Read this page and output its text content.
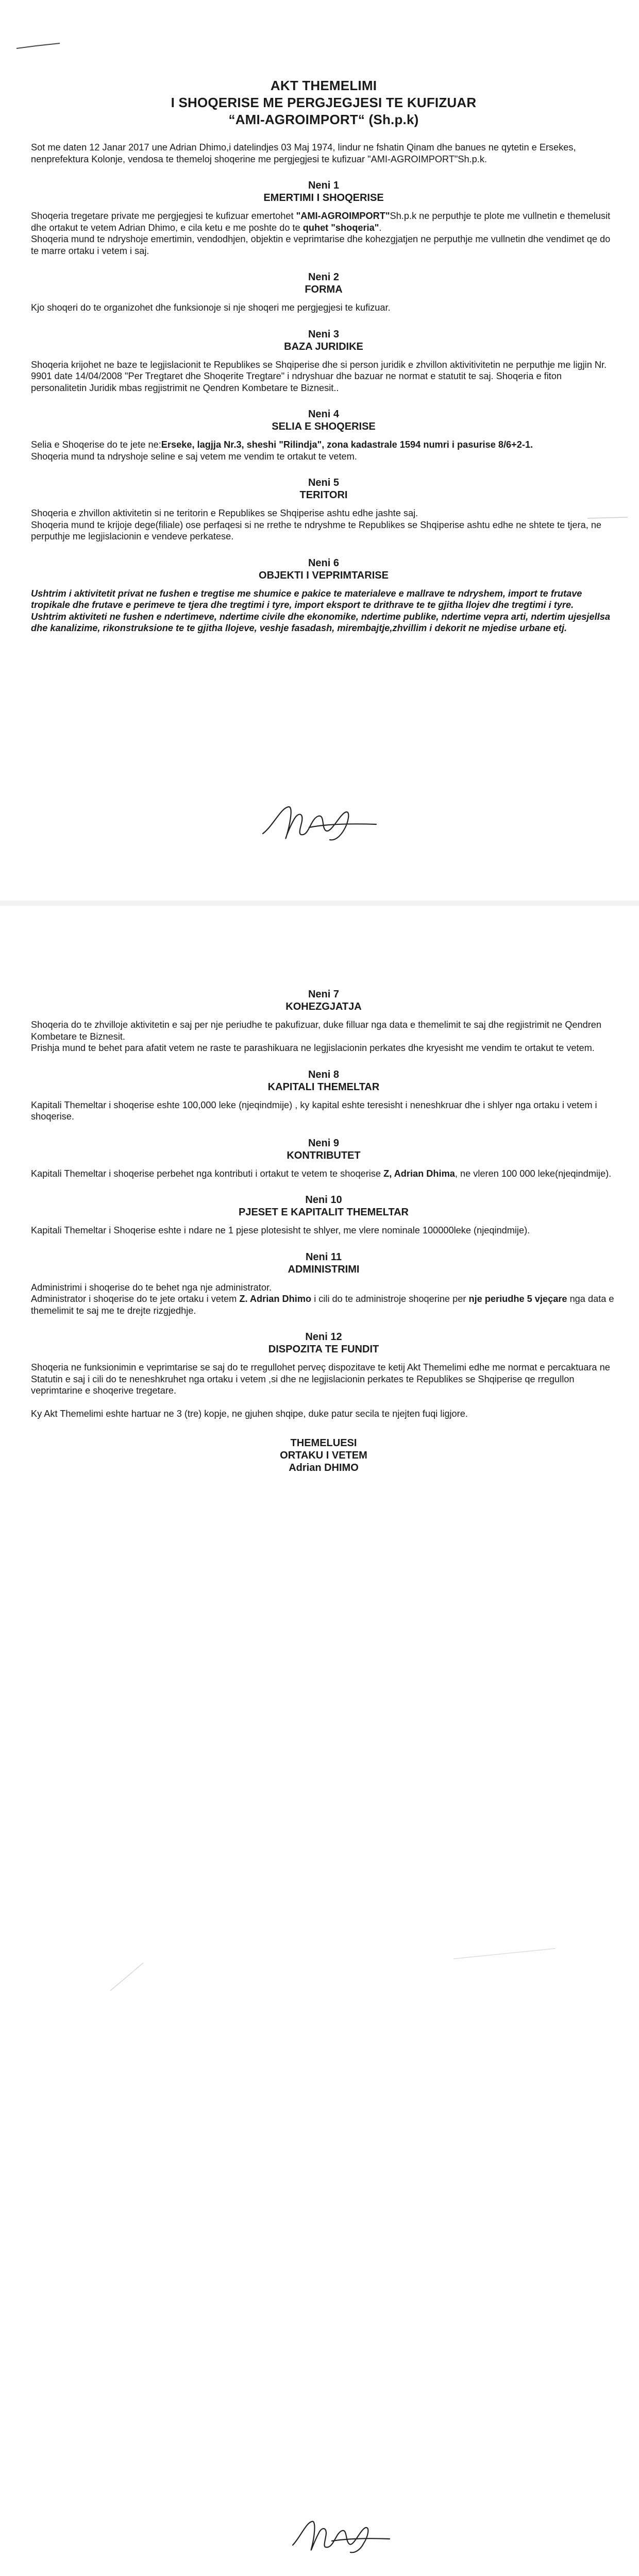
AKT THEMELIMI
I SHOQERISE ME PERGJEGJESI TE KUFIZUAR
“AMI-AGROIMPORT“ (Sh.p.k)

Sot me daten 12 Janar 2017 une Adrian Dhimo,i datelindjes 03 Maj 1974, lindur ne fshatin Qinam dhe banues ne qytetin e Ersekes, nenprefektura Kolonje, vendosa te themeloj shoqerine me pergjegjesi te kufizuar "AMI-AGROIMPORT"Sh.p.k.

Neni 1
EMERTIMI I SHOQERISE

Shoqeria tregetare private me pergjegjesi te kufizuar emertohet "AMI-AGROIMPORT"Sh.p.k ne perputhje te plote me vullnetin e themelusit dhe ortakut te vetem Adrian Dhimo, e cila ketu e me poshte do te quhet "shoqeria".

Shoqeria mund te ndryshoje emertimin, vendodhjen, objektin e veprimtarise dhe kohezgjatjen ne perputhje me vullnetin dhe vendimet qe do te marre ortaku i vetem i saj.

Neni 2
FORMA

Kjo shoqeri do te organizohet dhe funksionoje si nje shoqeri me pergjegjesi te kufizuar.

Neni 3
BAZA JURIDIKE

Shoqeria krijohet ne baze te legjislacionit te Republikes se Shqiperise dhe si person juridik e zhvillon aktivitivitetin ne perputhje me ligjin Nr. 9901 date 14/04/2008 "Per Tregtaret dhe Shoqerite Tregtare" i ndryshuar dhe bazuar ne normat e statutit te saj. Shoqeria e fiton personalitetin Juridik mbas regjistrimit ne Qendren Kombetare te Biznesit..

Neni 4
SELIA E SHOQERISE

Selia e Shoqerise do te jete ne:Erseke, lagjja Nr.3, sheshi "Rilindja", zona kadastrale 1594 numri i pasurise 8/6+2-1.

Shoqeria mund ta ndryshoje seline e saj vetem me vendim te ortakut te vetem.

Neni 5
TERITORI

Shoqeria e zhvillon aktivitetin si ne teritorin e Republikes se Shqiperise ashtu edhe jashte saj.

Shoqeria mund te krijoje dege(filiale) ose perfaqesi si ne rrethe te ndryshme te Republikes se Shqiperise ashtu edhe ne shtete te tjera, ne perputhje me legjislacionin e vendeve perkatese.

Neni 6
OBJEKTI I VEPRIMTARISE

Ushtrim i aktivitetit privat ne fushen e tregtise me shumice e pakice te materialeve e mallrave te ndryshem, import te frutave tropikale dhe frutave e perimeve te tjera dhe tregtimi i tyre, import eksport te drithrave te te gjitha llojev dhe tregtimi i tyre.

Ushtrim aktiviteti ne fushen e ndertimeve, ndertime civile dhe ekonomike, ndertime publike, ndertime vepra arti, ndertim ujesjellsa dhe kanalizime, rikonstruksione te te gjitha llojeve, veshje fasadash, mirembajtje,zhvillim i dekorit ne mjedise urbane etj.

Neni 7
KOHEZGJATJA

Shoqeria do te zhvilloje aktivitetin e saj per nje periudhe te pakufizuar, duke filluar nga data e themelimit te saj dhe regjistrimit ne Qendren Kombetare te Biznesit.

Prishja mund te behet para afatit vetem ne raste te parashikuara ne legjislacionin perkates dhe kryesisht me vendim te ortakut te vetem.

Neni 8
KAPITALI THEMELTAR

Kapitali Themeltar i shoqerise eshte 100,000 leke (njeqindmije) , ky kapital eshte teresisht i neneshkruar dhe i shlyer nga ortaku i vetem i shoqerise.

Neni 9
KONTRIBUTET

Kapitali Themeltar i shoqerise perbehet nga kontributi i ortakut te vetem te shoqerise Z, Adrian Dhima, ne vleren 100 000 leke(njeqindmije).

Neni 10
PJESET E KAPITALIT THEMELTAR

Kapitali Themeltar i Shoqerise eshte i ndare ne 1 pjese plotesisht te shlyer, me vlere nominale 100000leke (njeqindmije).

Neni 11
ADMINISTRIMI

Administrimi i shoqerise do te behet nga nje administrator.

Administrator i shoqerise do te jete ortaku i vetem Z. Adrian Dhimo i cili do te administroje shoqerine per nje periudhe 5 vjeçare nga data e themelimit te saj me te drejte rizgjedhje.

Neni 12
DISPOZITA TE FUNDIT

Shoqeria ne funksionimin e veprimtarise se saj do te rregullohet perveç dispozitave te ketij Akt Themelimi edhe me normat e percaktuara ne Statutin e saj i cili do te neneshkruhet nga ortaku i vetem ,si dhe ne legjislacionin perkates te Republikes se Shqiperise qe rregullon veprimtarine e shoqerive tregetare.

Ky Akt Themelimi eshte hartuar ne 3 (tre) kopje, ne gjuhen shqipe, duke patur secila te njejten fuqi ligjore.

THEMELUESI
ORTAKU I VETEM
Adrian DHIMO
